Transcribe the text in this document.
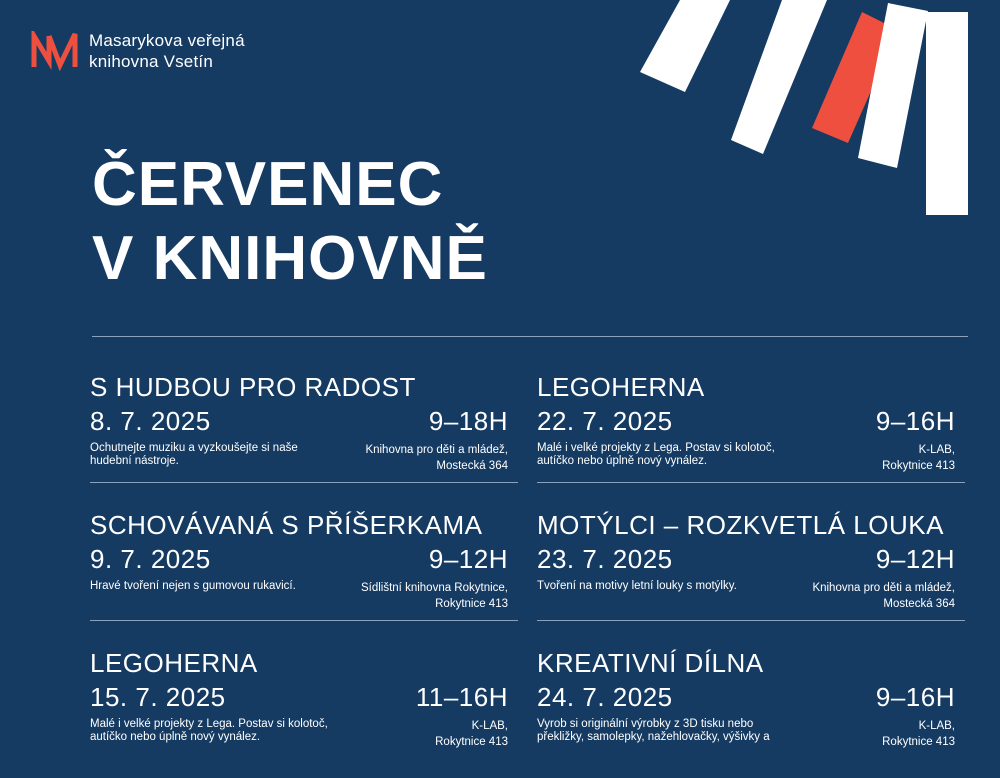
Masarykova veřejná
knihovna Vsetín
ČERVENEC
V KNIHOVNĚ
S HUDBOU PRO RADOST
8. 7. 2025	9–18H
Ochutnejte muziku a vyzkoušejte si naše hudební nástroje.
Knihovna pro děti a mládež,
Mostecká 364
LEGOHERNA
22. 7. 2025	9–16H
Malé i velké projekty z Lega. Postav si kolotoč, autíčko nebo úplně nový vynález.
K-LAB,
Rokytnice 413
SCHOVÁVANÁ S PŘÍŠERKAMA
9. 7. 2025	9–12H
Hravé tvoření nejen s gumovou rukavicí.	Sídlištní knihovna Rokytnice,
Rokytnice 413
MOTÝLCI – ROZKVETLÁ LOUKA
23. 7. 2025	9–12H
Tvoření na motivy letní louky s motýlky.	Knihovna pro děti a mládež,
Mostecká 364
LEGOHERNA
15. 7. 2025	11–16H
Malé i velké projekty z Lega. Postav si kolotoč, autíčko nebo úplně nový vynález.
K-LAB,
Rokytnice 413
KREATIVNÍ DÍLNA
24. 7. 2025	9–16H
Vyrob si originální výrobky z 3D tisku nebo překližky, samolepky, nažehlovačky, výšivky a
K-LAB,
Rokytnice 413
